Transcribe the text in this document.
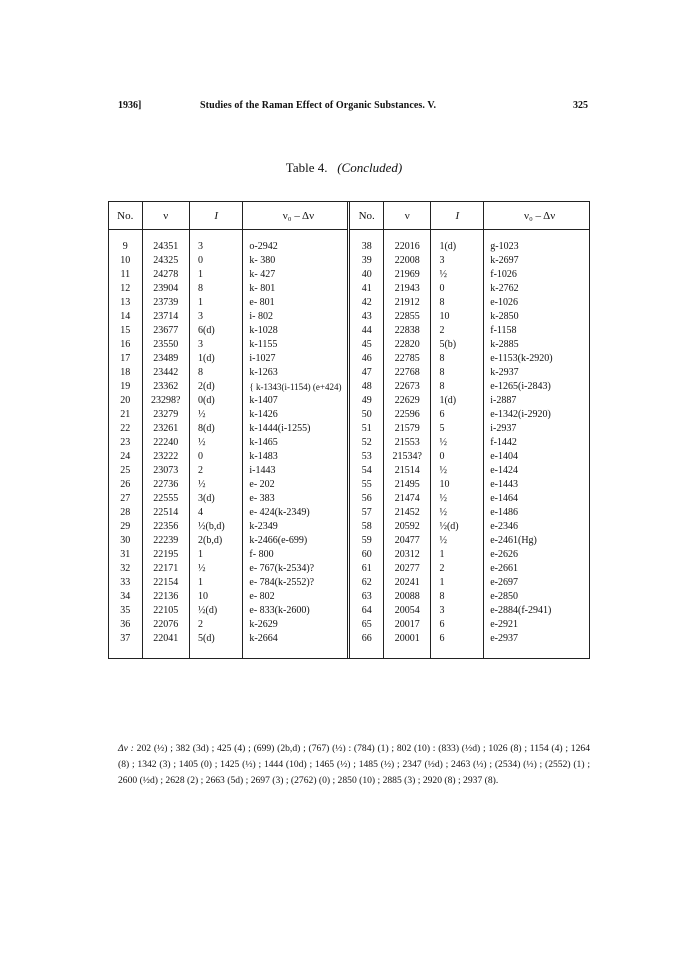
1936]	Studies of the Raman Effect of Organic Substances. V.	325
Table 4. (Concluded)
No.	ν	I	ν₀ – Δν	No.	ν	I	ν₀ – Δν
9	24351	3	o-2942	38	22016	1(d)	g-1023
10	24325	0	k- 380	39	22008	3	k-2697
11	24278	1	k- 427	40	21969	½	f-1026
12	23904	8	k- 801	41	21943	0	k-2762
13	23739	1	e- 801	42	21912	8	e-1026
14	23714	3	i- 802	43	22855	10	k-2850
15	23677	6(d)	k-1028	44	22838	2	f-1158
16	23550	3	k-1155	45	22820	5(b)	k-2885
17	23489	1(d)	i-1027	46	22785	8	e-1153(k-2920)
18	23442	8	k-1263	47	22768	8	k-2937
19	23362	2(d)	{ k-1343(i-1154) (e+424)	48	22673	8	e-1265(i-2843)
20	23298?	0(d)	k-1407	49	22629	1(d)	i-2887
21	23279	½	k-1426	50	22596	6	e-1342(i-2920)
22	23261	8(d)	k-1444(i-1255)	51	21579	5	i-2937
23	22240	½	k-1465	52	21553	½	f-1442
24	23222	0	k-1483	53	21534?	0	e-1404
25	23073	2	i-1443	54	21514	½	e-1424
26	22736	½	e- 202	55	21495	10	e-1443
27	22555	3(d)	e- 383	56	21474	½	e-1464
28	22514	4	e- 424(k-2349)	57	21452	½	e-1486
29	22356	½(b,d)	k-2349	58	20592	½(d)	e-2346
30	22239	2(b,d)	k-2466(e-699)	59	20477	½	e-2461(Hg)
31	22195	1	f- 800	60	20312	1	e-2626
32	22171	½	e- 767(k-2534)?	61	20277	2	e-2661
33	22154	1	e- 784(k-2552)?	62	20241	1	e-2697
34	22136	10	e- 802	63	20088	8	e-2850
35	22105	½(d)	e- 833(k-2600)	64	20054	3	e-2884(f-2941)
36	22076	2	k-2629	65	20017	6	e-2921
37	22041	5(d)	k-2664	66	20001	6	e-2937
Δν : 202 (½) ; 382 (3d) ; 425 (4) ; (699) (2b,d) ; (767) (½) : (784) (1) ; 802 (10) : (833) (½d) ; 1026 (8) ; 1154 (4) ; 1264 (8) ; 1342 (3) ; 1405 (0) ; 1425 (½) ; 1444 (10d) ; 1465 (½) ; 1485 (½) ; 2347 (½d) ; 2463 (½) ; (2534) (½) ; (2552) (1) ; 2600 (½d) ; 2628 (2) ; 2663 (5d) ; 2697 (3) ; (2762) (0) ; 2850 (10) ; 2885 (3) ; 2920 (8) ; 2937 (8).
